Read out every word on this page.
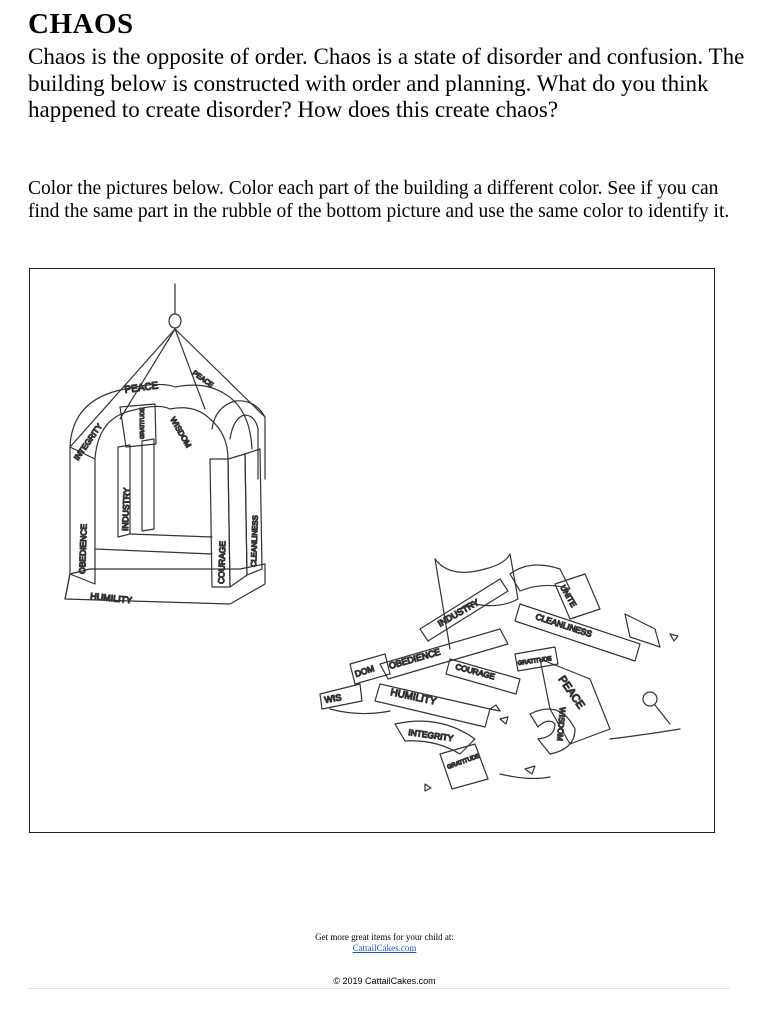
CHAOS

Chaos is the opposite of order. Chaos is a state of disorder and confusion. The building below is constructed with order and planning. What do you think happened to create disorder? How does this create chaos?

Color the pictures below. Color each part of the building a different color. See if you can find the same part in the rubble of the bottom picture and use the same color to identify it.

PEACE	PEACE
INTEGRITY	GRATITUDE	WISDOM
OBEDIENCE
INDUSTRY
COURAGE	CLEANLINESS
HUMILITY	INDUSTRY
UNITE
CLEANLINESS
DOM
OBEDIENCE
COURAGE
GRATITUDE
PEACE
WIS	HUMILITY
INTEGRITY
GRATITUDE
WISDOM

Get more great items for your child at:

CattailCakes.com

© 2019 CattailCakes.com
